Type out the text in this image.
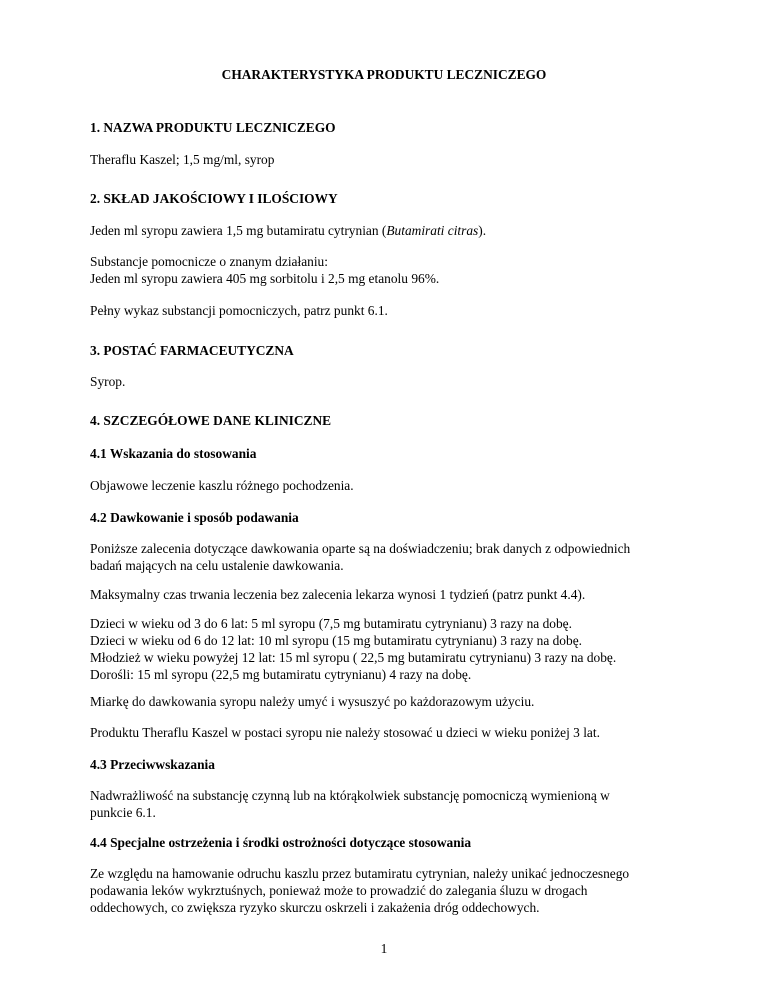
CHARAKTERYSTYKA PRODUKTU LECZNICZEGO

1. NAZWA PRODUKTU LECZNICZEGO

Theraflu Kaszel; 1,5 mg/ml, syrop

2. SKŁAD JAKOŚCIOWY I ILOŚCIOWY

Jeden ml syropu zawiera 1,5 mg butamiratu cytrynian (Butamirati citras).

Substancje pomocnicze o znanym działaniu:
Jeden ml syropu zawiera 405 mg sorbitolu i 2,5 mg etanolu 96%.

Pełny wykaz substancji pomocniczych, patrz punkt 6.1.

3. POSTAĆ FARMACEUTYCZNA

Syrop.

4. SZCZEGÓŁOWE DANE KLINICZNE

4.1 Wskazania do stosowania

Objawowe leczenie kaszlu różnego pochodzenia.

4.2 Dawkowanie i sposób podawania

Poniższe zalecenia dotyczące dawkowania oparte są na doświadczeniu; brak danych z odpowiednich
badań mających na celu ustalenie dawkowania.

Maksymalny czas trwania leczenia bez zalecenia lekarza wynosi 1 tydzień (patrz punkt 4.4).

Dzieci w wieku od 3 do 6 lat: 5 ml syropu (7,5 mg butamiratu cytrynianu) 3 razy na dobę.
Dzieci w wieku od 6 do 12 lat: 10 ml syropu (15 mg butamiratu cytrynianu) 3 razy na dobę.
Młodzież w wieku powyżej 12 lat: 15 ml syropu ( 22,5 mg butamiratu cytrynianu) 3 razy na dobę.
Dorośli: 15 ml syropu (22,5 mg butamiratu cytrynianu) 4 razy na dobę.

Miarkę do dawkowania syropu należy umyć i wysuszyć po każdorazowym użyciu.

Produktu Theraflu Kaszel w postaci syropu nie należy stosować u dzieci w wieku poniżej 3 lat.

4.3 Przeciwwskazania

Nadwrażliwość na substancję czynną lub na którąkolwiek substancję pomocniczą wymienioną w
punkcie 6.1.

4.4 Specjalne ostrzeżenia i środki ostrożności dotyczące stosowania

Ze względu na hamowanie odruchu kaszlu przez butamiratu cytrynian, należy unikać jednoczesnego
podawania leków wykrztuśnych, ponieważ może to prowadzić do zalegania śluzu w drogach
oddechowych, co zwiększa ryzyko skurczu oskrzeli i zakażenia dróg oddechowych.

1
